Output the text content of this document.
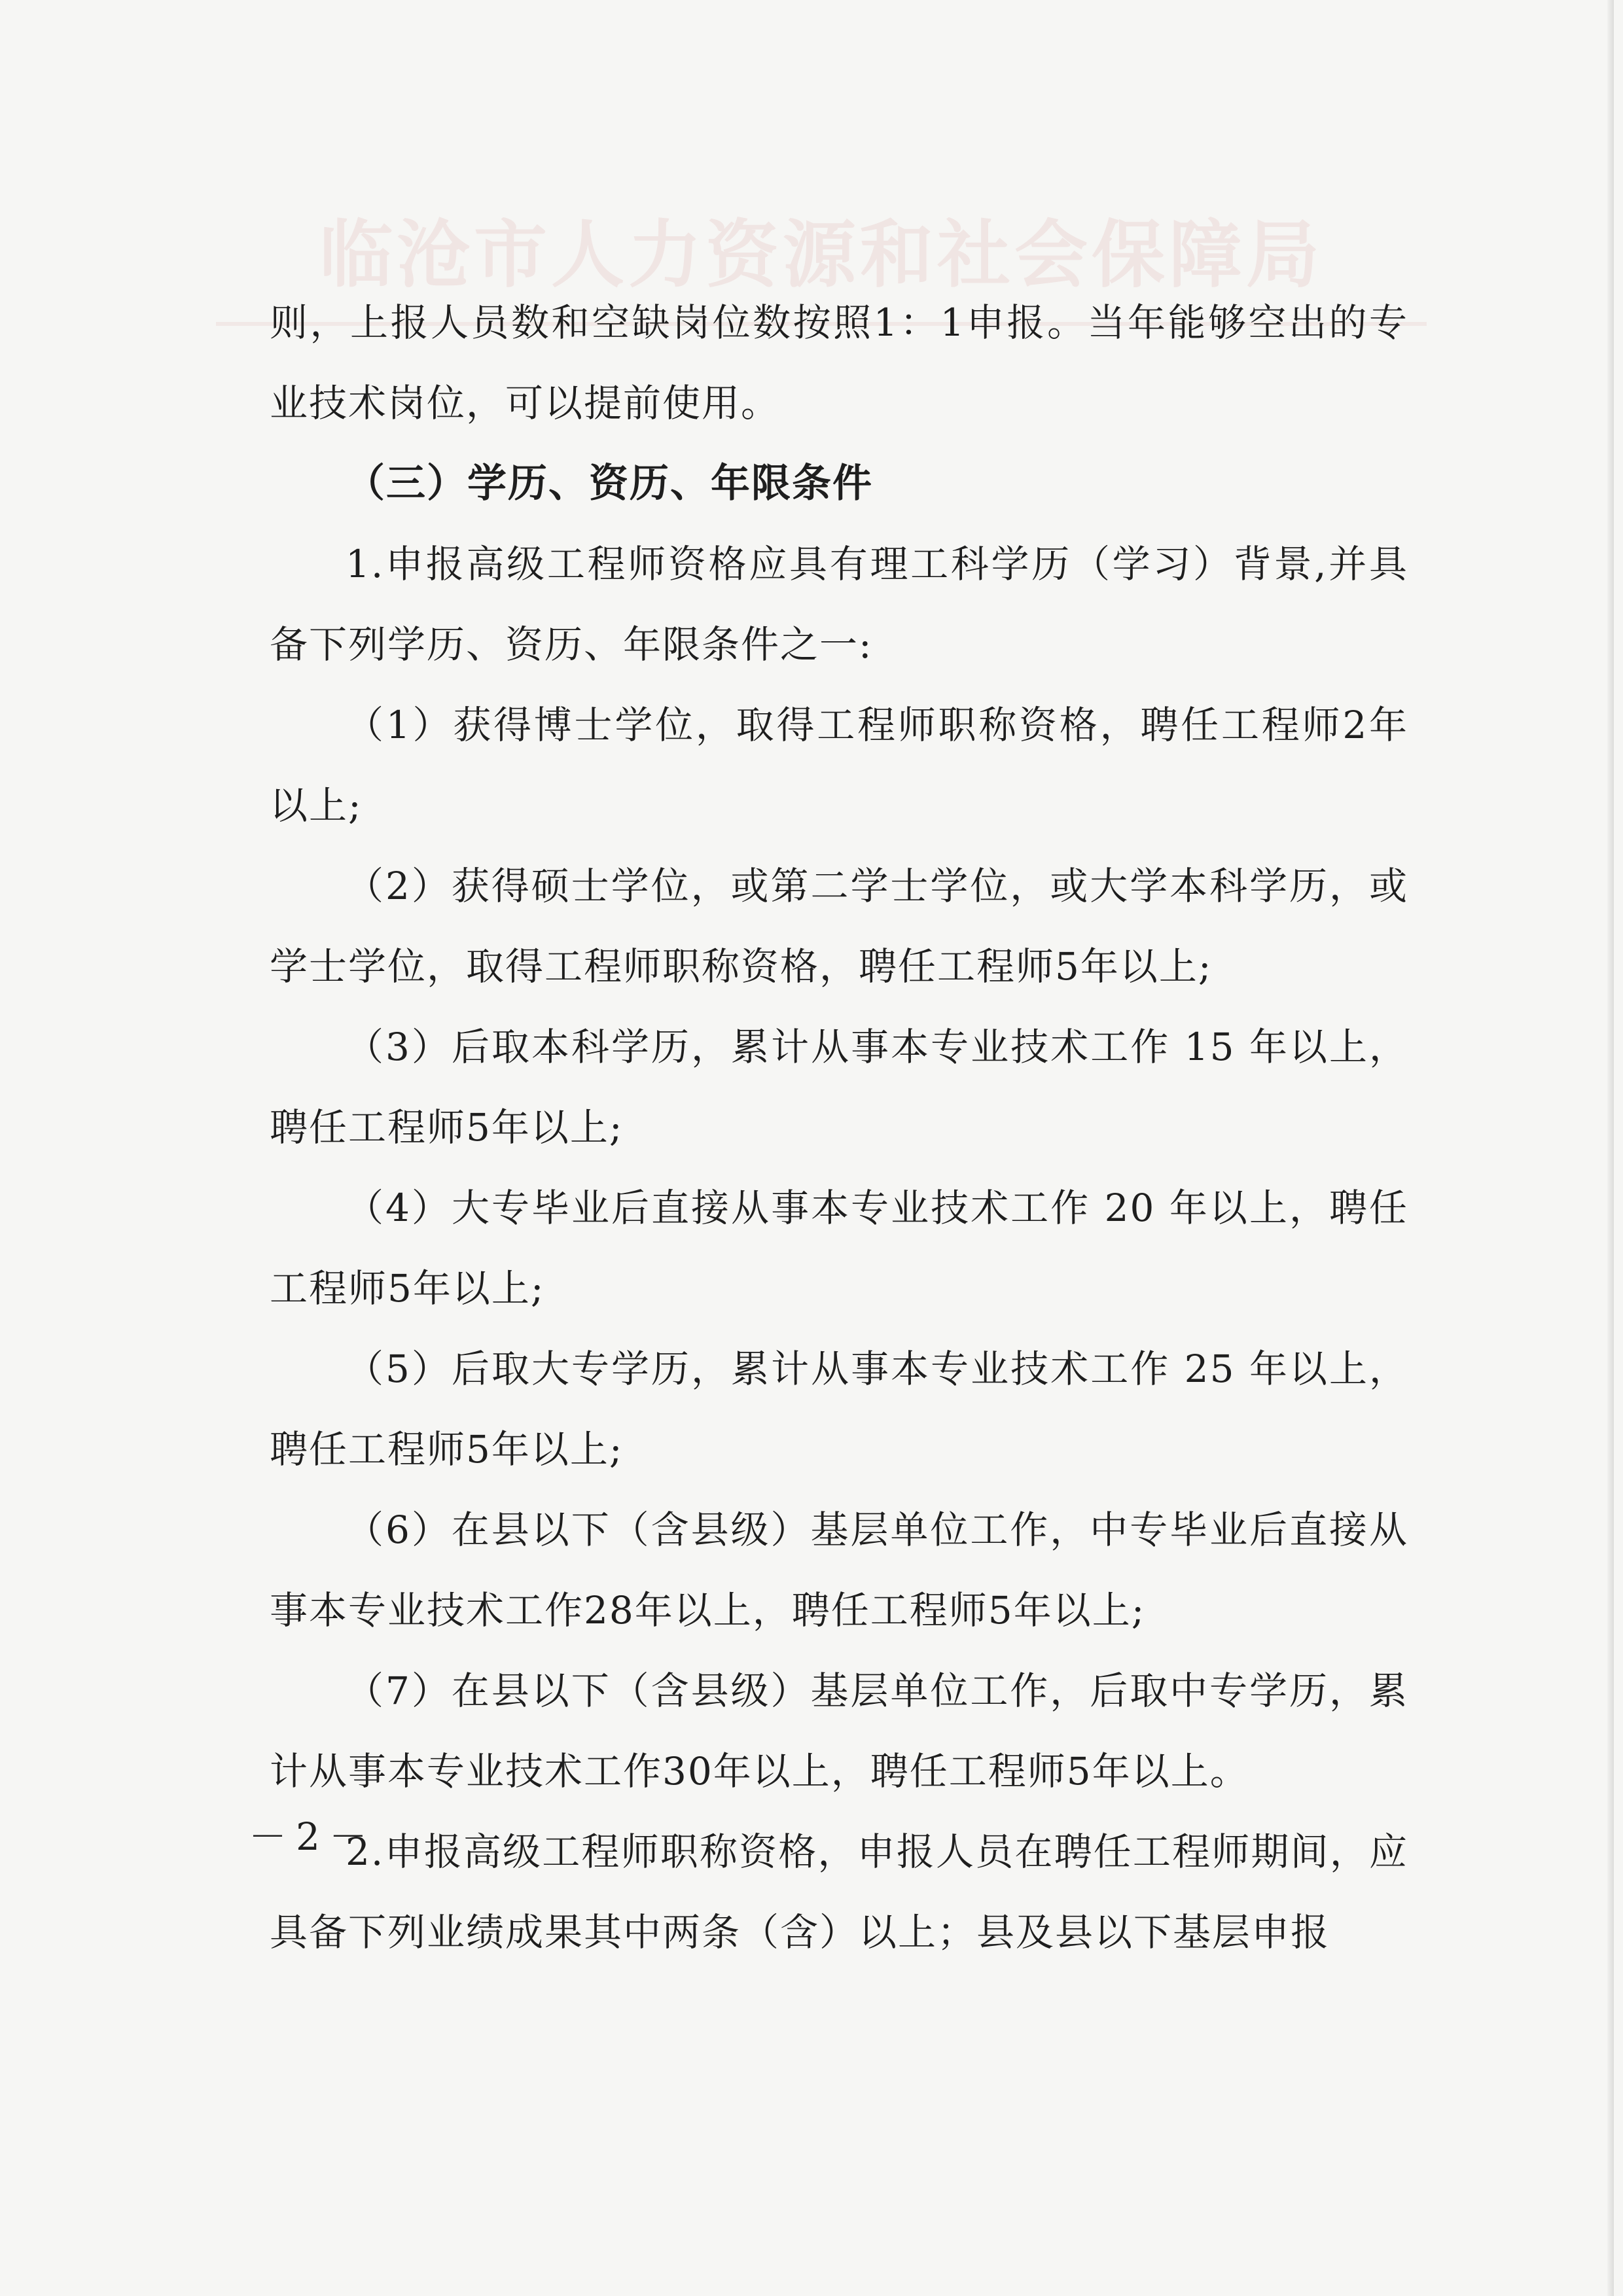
临沧市人力资源和社会保障局

则，上报人员数和空缺岗位数按照1：1申报。当年能够空出的专业技术岗位，可以提前使用。

（三）学历、资历、年限条件

1.申报高级工程师资格应具有理工科学历（学习）背景,并具备下列学历、资历、年限条件之一:

（1）获得博士学位，取得工程师职称资格，聘任工程师2年以上;

（2）获得硕士学位，或第二学士学位，或大学本科学历，或学士学位，取得工程师职称资格，聘任工程师5年以上;

（3）后取本科学历，累计从事本专业技术工作 15 年以上，聘任工程师5年以上;

（4）大专毕业后直接从事本专业技术工作 20 年以上，聘任工程师5年以上;

（5）后取大专学历，累计从事本专业技术工作 25 年以上，聘任工程师5年以上;

（6）在县以下（含县级）基层单位工作，中专毕业后直接从事本专业技术工作28年以上，聘任工程师5年以上;

（7）在县以下（含县级）基层单位工作，后取中专学历，累计从事本专业技术工作30年以上，聘任工程师5年以上。

2.申报高级工程师职称资格，申报人员在聘任工程师期间，应具备下列业绩成果其中两条（含）以上；县及县以下基层申报

－2－
